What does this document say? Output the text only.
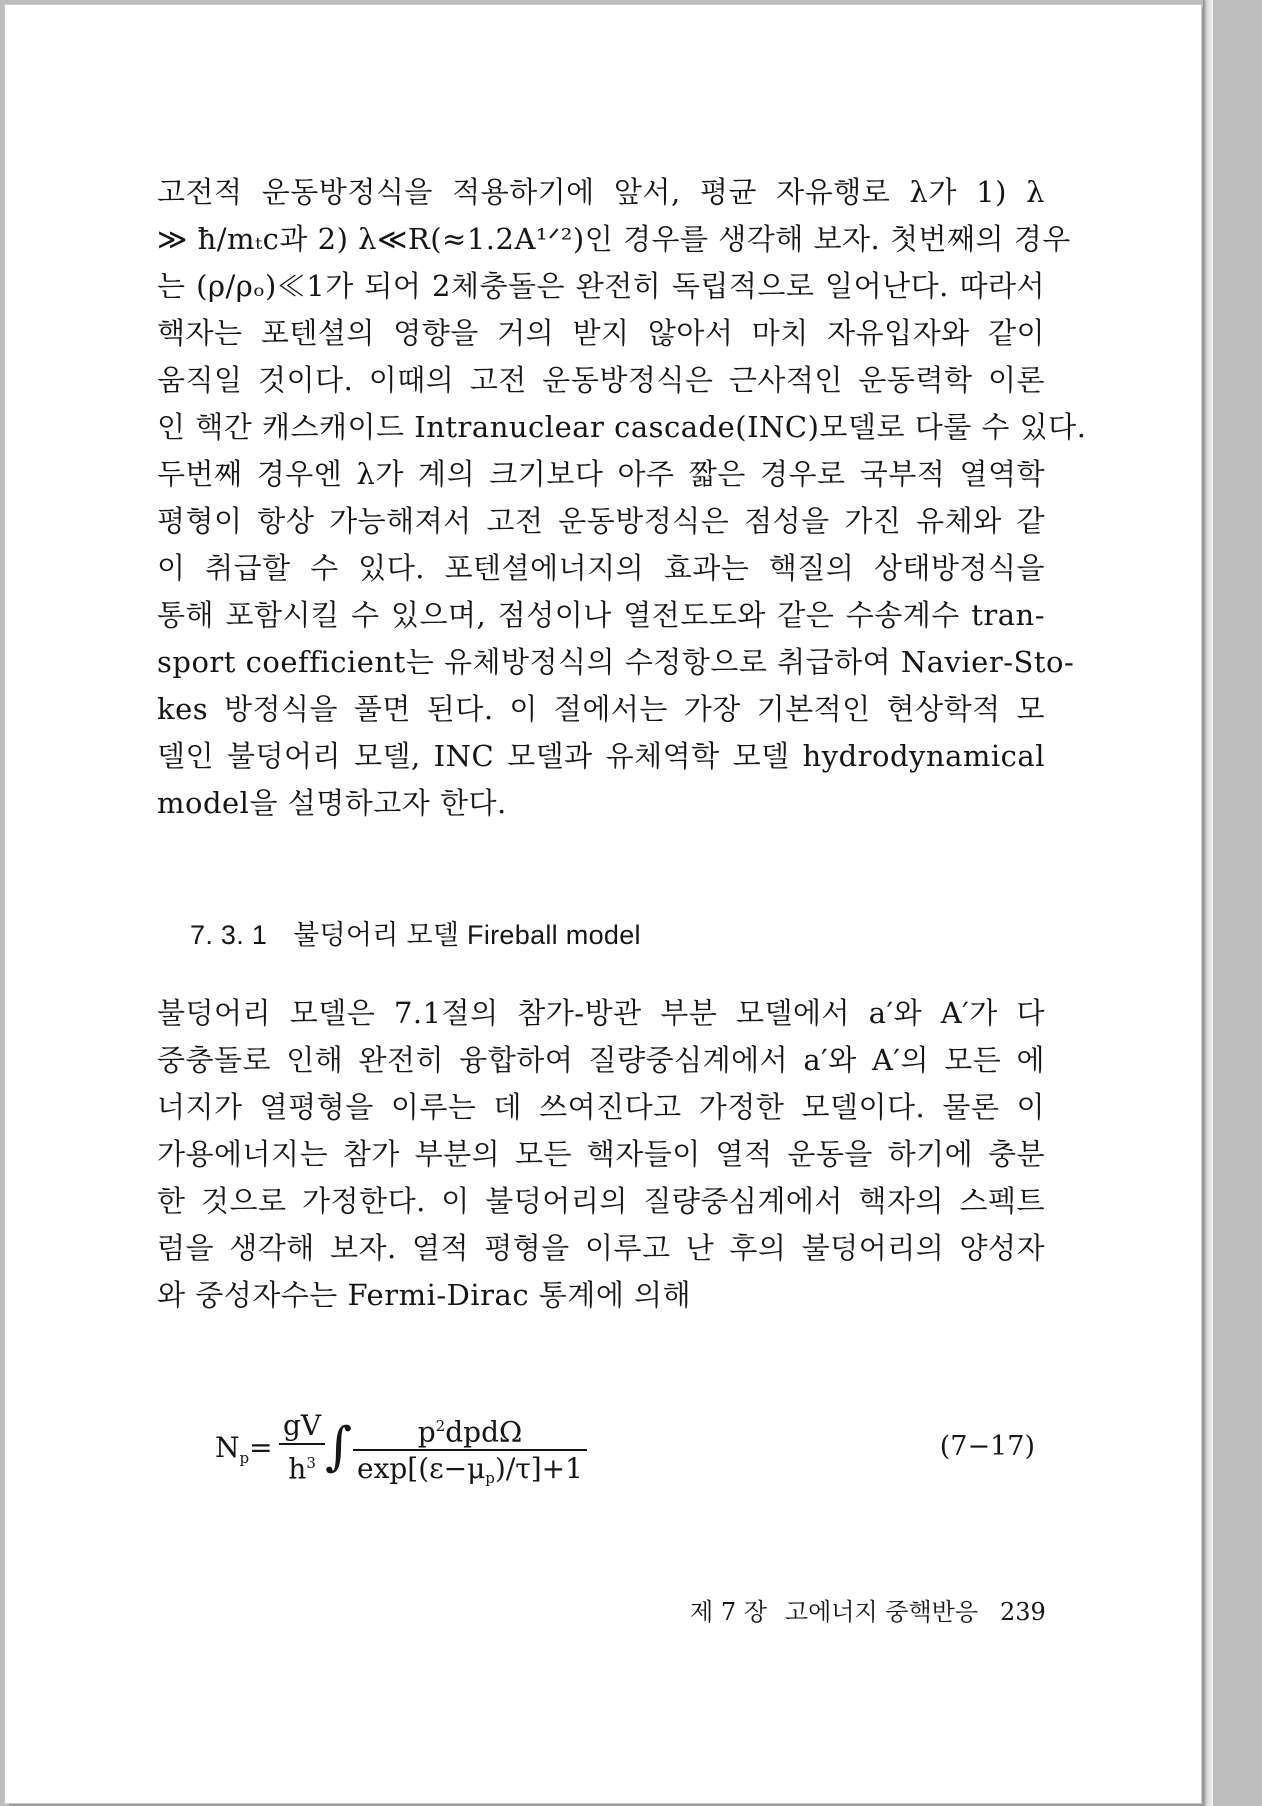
고전적 운동방정식을 적용하기에 앞서, 평균 자유행로 λ가 1) λ
≫ ħ/mₜc과 2) λ≪R(≈1.2A¹ᐟ²)인 경우를 생각해 보자. 첫번째의 경우
는 (ρ/ρₒ)≪1가 되어 2체충돌은 완전히 독립적으로 일어난다. 따라서
핵자는 포텐셜의 영향을 거의 받지 않아서 마치 자유입자와 같이
움직일 것이다. 이때의 고전 운동방정식은 근사적인 운동력학 이론
인 핵간 캐스캐이드 Intranuclear cascade(INC)모델로 다룰 수 있다.
두번째 경우엔 λ가 계의 크기보다 아주 짧은 경우로 국부적 열역학
평형이 항상 가능해져서 고전 운동방정식은 점성을 가진 유체와 같
이 취급할 수 있다. 포텐셜에너지의 효과는 핵질의 상태방정식을
통해 포함시킬 수 있으며, 점성이나 열전도도와 같은 수송계수 tran-
sport coefficient는 유체방정식의 수정항으로 취급하여 Navier-Sto-
kes 방정식을 풀면 된다. 이 절에서는 가장 기본적인 현상학적 모
델인 불덩어리 모델, INC 모델과 유체역학 모델 hydrodynamical
model을 설명하고자 한다.
7. 3. 1 불덩어리 모델 Fireball model
불덩어리 모델은 7.1절의 참가-방관 부분 모델에서 a′와 A′가 다
중충돌로 인해 완전히 융합하여 질량중심계에서 a′와 A′의 모든 에
너지가 열평형을 이루는 데 쓰여진다고 가정한 모델이다. 물론 이
가용에너지는 참가 부분의 모든 핵자들이 열적 운동을 하기에 충분
한 것으로 가정한다. 이 불덩어리의 질량중심계에서 핵자의 스펙트
럼을 생각해 보자. 열적 평형을 이루고 난 후의 불덩어리의 양성자
와 중성자수는 Fermi-Dirac 통계에 의해
$N_p= \frac{gV}{h^3}$ ∫	$p^2dpd\Omega$
exp[(ε−μp)/τ]+1
(7−17)
제 7 장 고에너지 중핵반응 239
